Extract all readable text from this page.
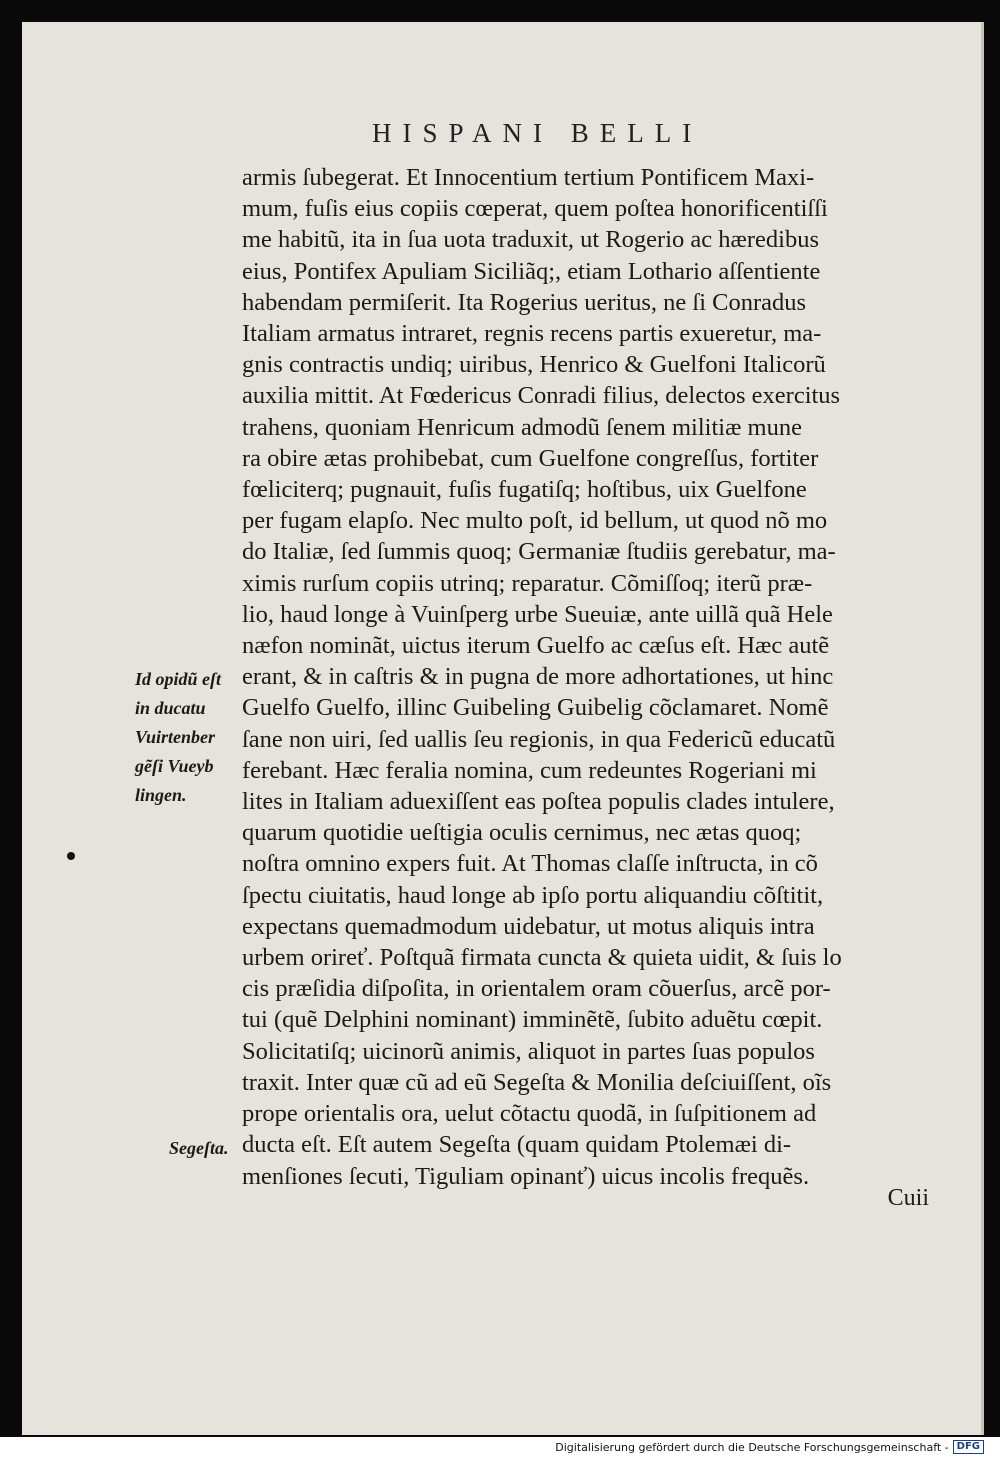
HISPANI BELLI
armis ſubegerat. Et Innocentium tertium Pontificem Maxi-
mum, fuſis eius copiis cœperat, quem poſtea honorificentiſſi
me habitũ, ita in ſua uota traduxit, ut Rogerio ac hæredibus
eius, Pontifex Apuliam Siciliãq;, etiam Lothario aſſentiente
habendam permiſerit. Ita Rogerius ueritus, ne ſi Conradus
Italiam armatus intraret, regnis recens partis exueretur, ma-
gnis contractis undiq; uiribus, Henrico & Guelfoni Italicorũ
auxilia mittit. At Fœdericus Conradi filius, delectos exercitus
trahens, quoniam Henricum admodũ ſenem militiæ mune
ra obire ætas prohibebat, cum Guelfone congreſſus, fortiter
fœliciterq; pugnauit, fuſis fugatiſq; hoſtibus, uix Guelfone
per fugam elapſo. Nec multo poſt, id bellum, ut quod nõ mo
do Italiæ, ſed ſummis quoq; Germaniæ ſtudiis gerebatur, ma-
ximis rurſum copiis utrinq; reparatur. Cõmiſſoq; iterũ præ-
lio, haud longe à Vuinſperg urbe Sueuiæ, ante uillã quã Hele
næfon nominãt, uictus iterum Guelfo ac cæſus eſt. Hæc autẽ
erant, & in caſtris & in pugna de more adhortationes, ut hinc
Guelfo Guelfo, illinc Guibeling Guibelig cõclamaret. Nomẽ
ſane non uiri, ſed uallis ſeu regionis, in qua Federicũ educatũ
ferebant. Hæc feralia nomina, cum redeuntes Rogeriani mi
lites in Italiam aduexiſſent eas poſtea populis clades intulere,
quarum quotidie ueſtigia oculis cernimus, nec ætas quoq;
noſtra omnino expers fuit. At Thomas claſſe inſtructa, in cõ
ſpectu ciuitatis, haud longe ab ipſo portu aliquandiu cõſtitit,
expectans quemadmodum uidebatur, ut motus aliquis intra
urbem orireť. Poſtquã firmata cuncta & quieta uidit, & ſuis lo
cis præſidia diſpoſita, in orientalem oram cõuerſus, arcẽ por-
tui (quẽ Delphini nominant) imminẽtẽ, ſubito aduẽtu cœpit.
Solicitatiſq; uicinorũ animis, aliquot in partes ſuas populos
traxit. Inter quæ cũ ad eũ Segeſta & Monilia deſciuiſſent, oĩs
prope orientalis ora, uelut cõtactu quodã, in ſuſpitionem ad
ducta eſt. Eſt autem Segeſta (quam quidam Ptolemæi di-
menſiones ſecuti, Tiguliam opinanť) uicus incolis frequẽs.
Cuii
Id opidũ eſt
in ducatu
Vuirtenber
gẽſi Vueyb
lingen.
Segeſta.
Digitalisierung gefördert durch die Deutsche Forschungsgemeinschaft - DFG
